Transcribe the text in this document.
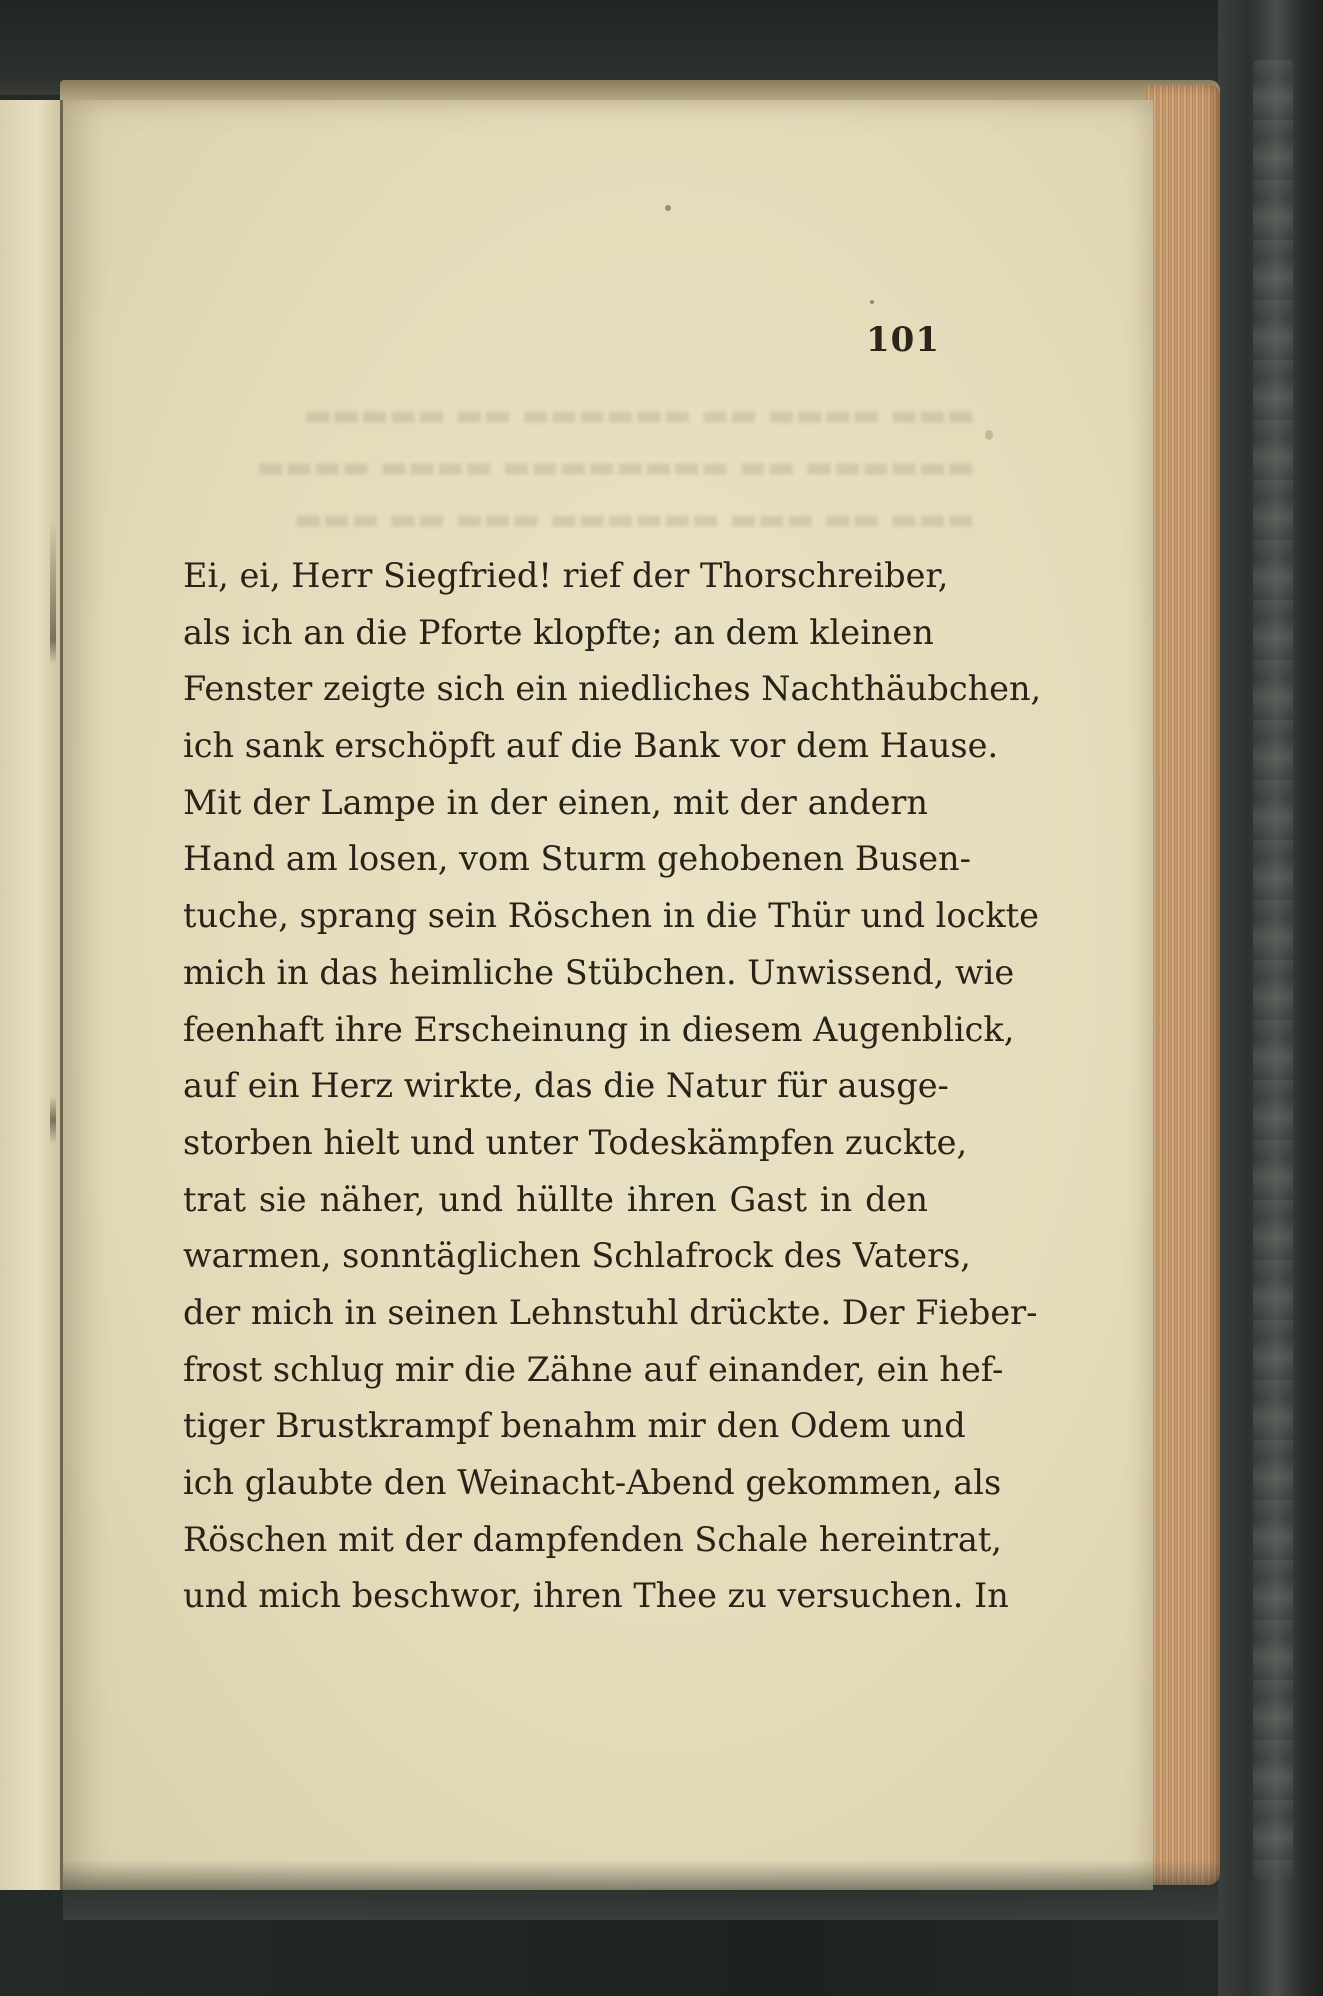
▬▬▬ ▬▬▬▬ ▬▬ ▬▬▬▬▬▬ ▬▬ ▬▬▬▬▬
▬▬▬▬▬▬ ▬▬ ▬▬▬▬▬▬▬▬ ▬▬▬▬ ▬▬▬▬
▬▬▬ ▬▬ ▬▬▬ ▬▬▬▬▬▬ ▬▬▬ ▬▬ ▬▬▬
101
Ei, ei, Herr Siegfried! rief der Thorschreiber,
als ich an die Pforte klopfte; an dem kleinen
Fenster zeigte sich ein niedliches Nachthäubchen,
ich sank erschöpft auf die Bank vor dem Hause.
Mit der Lampe in der einen, mit der andern
Hand am losen, vom Sturm gehobenen Busen-
tuche, sprang sein Röschen in die Thür und lockte
mich in das heimliche Stübchen. Unwissend, wie
feenhaft ihre Erscheinung in diesem Augenblick,
auf ein Herz wirkte, das die Natur für ausge-
storben hielt und unter Todeskämpfen zuckte,
trat sie näher, und hüllte ihren Gast in den
warmen, sonntäglichen Schlafrock des Vaters,
der mich in seinen Lehnstuhl drückte. Der Fieber-
frost schlug mir die Zähne auf einander, ein hef-
tiger Brustkrampf benahm mir den Odem und
ich glaubte den Weinacht-Abend gekommen, als
Röschen mit der dampfenden Schale hereintrat,
und mich beschwor, ihren Thee zu versuchen. In
